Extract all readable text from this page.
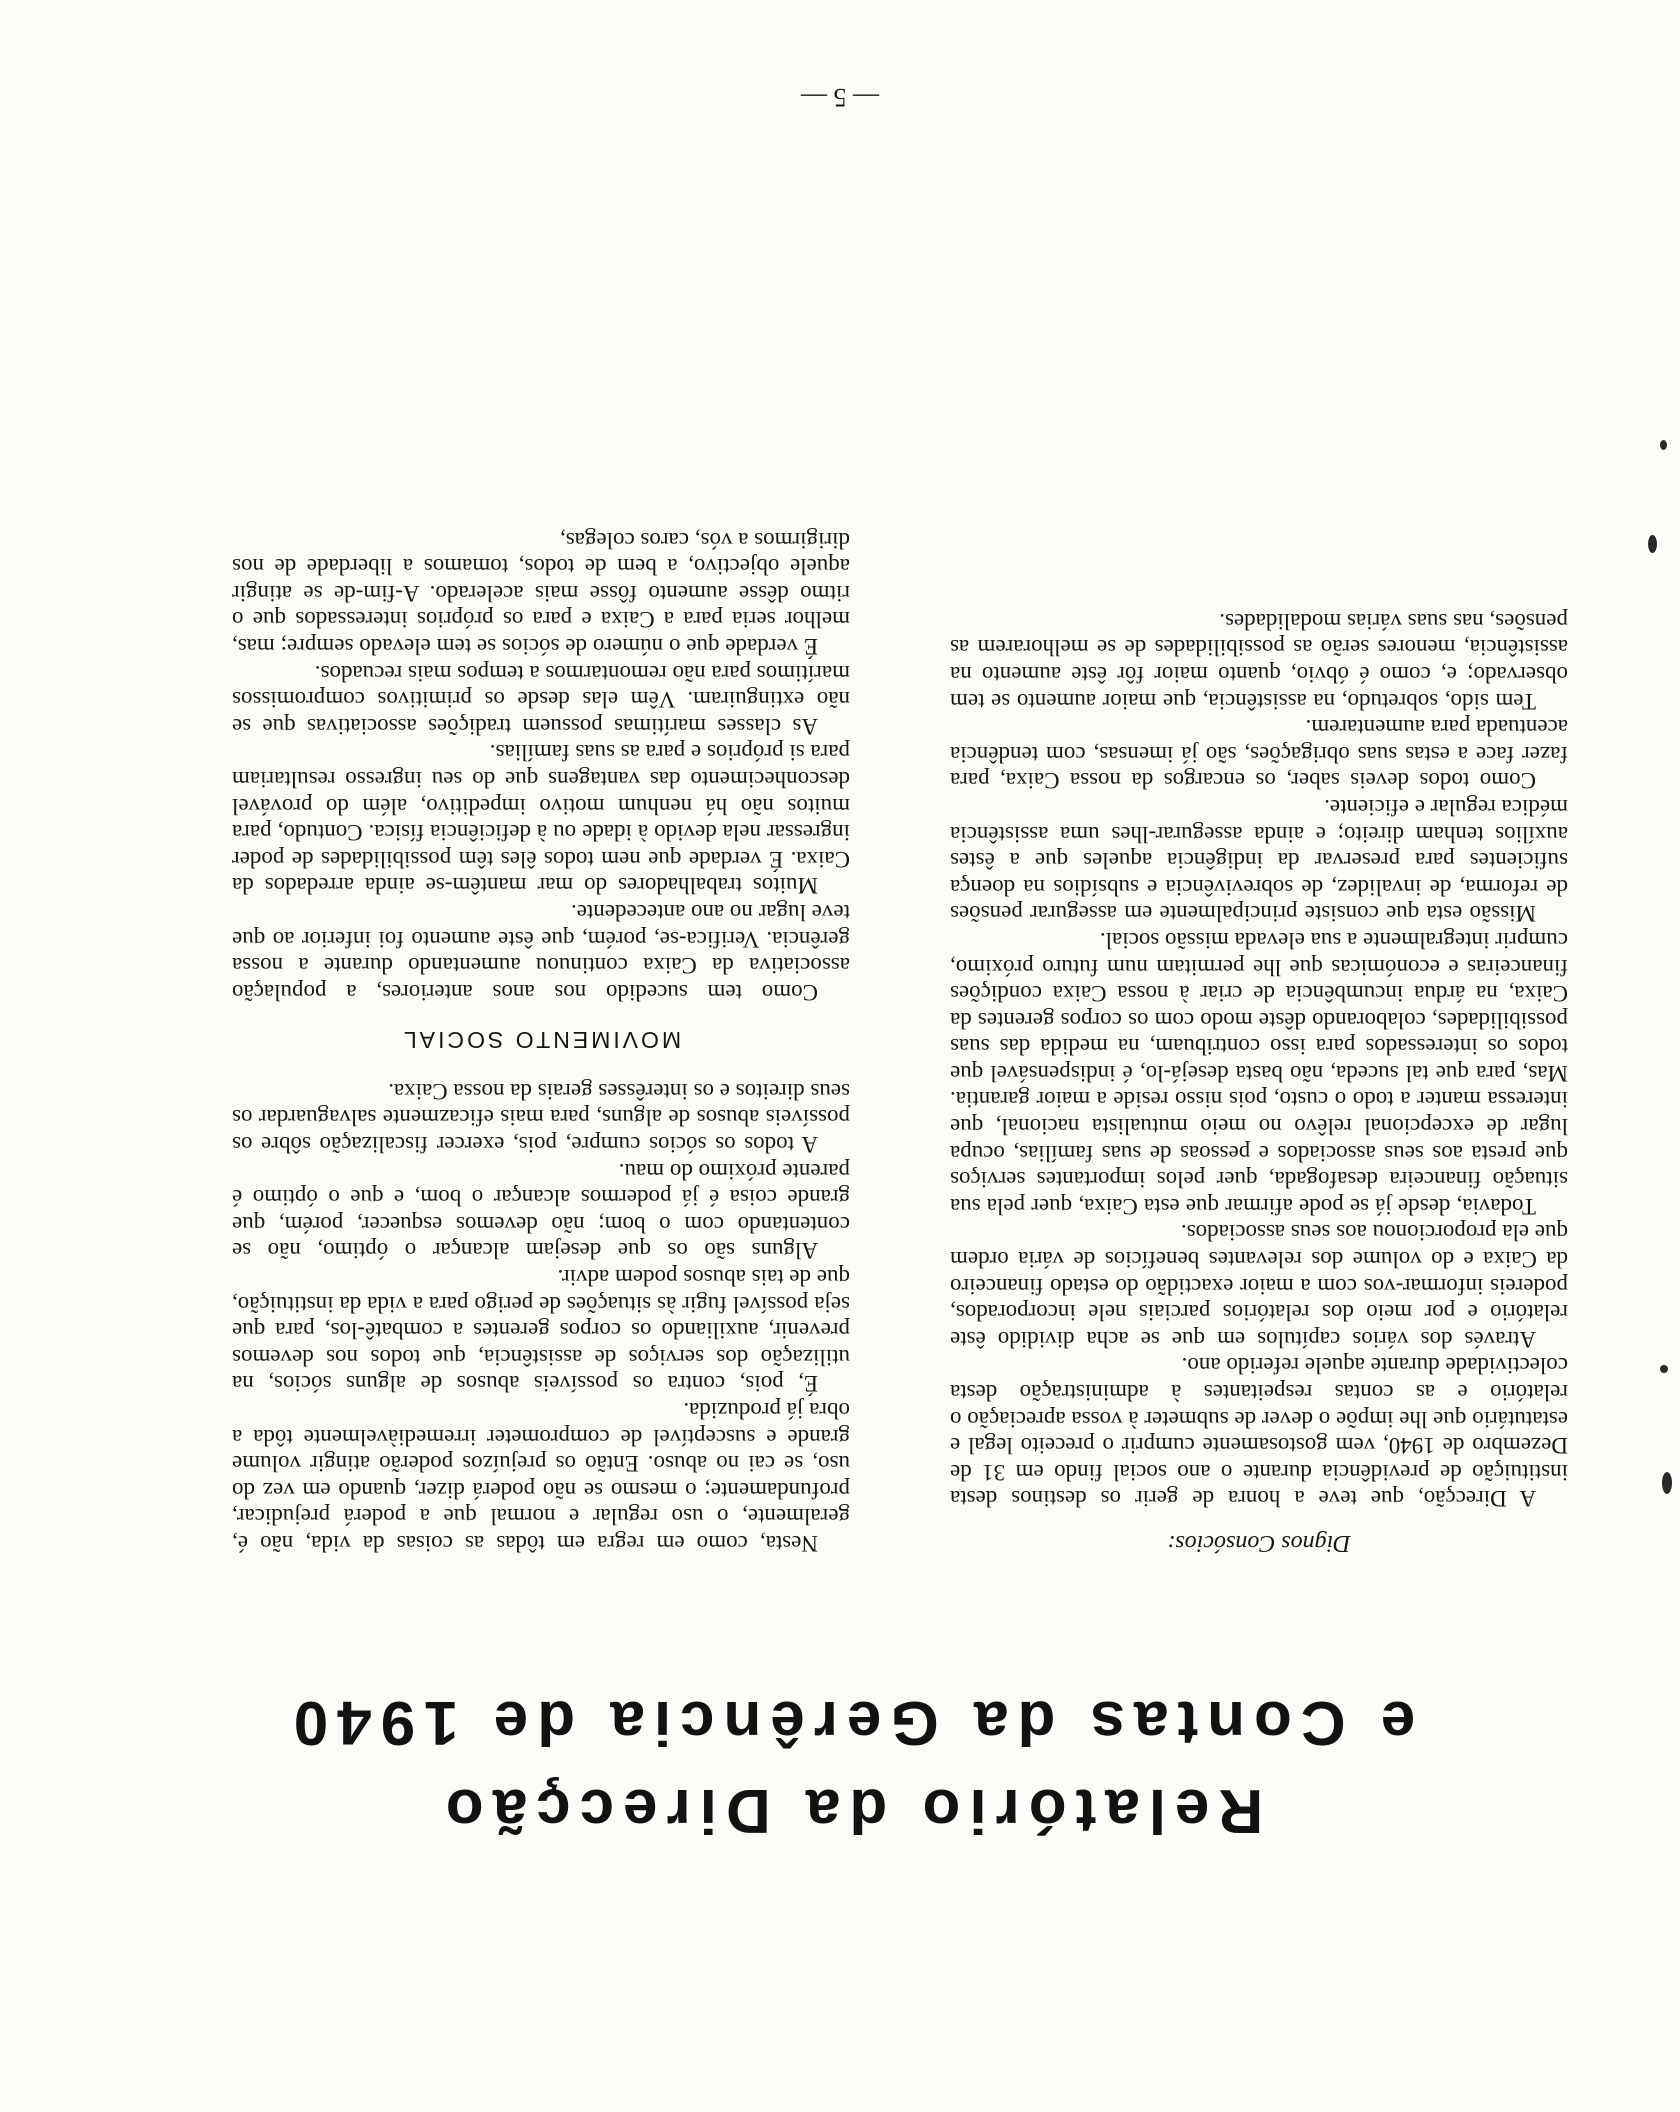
Relatório da Direcção
e Contas da Gerência de 1940

Dignos Consócios:

A Direcção, que teve a honra de gerir os destinos desta instituição de previdência durante o ano social findo em 31 de Dezembro de 1940, vem gostosamente cumprir o preceito legal e estatutário que lhe impõe o dever de submeter à vossa apreciação o relatório e as contas respeitantes à administração desta colectividade durante aquele referido ano.

Através dos vários capítulos em que se acha dividido êste relatório e por meio dos relatórios parciais nele incorporados, podereis informar-vos com a maior exactidão do estado financeiro da Caixa e do volume dos relevantes benefícios de vária ordem que ela proporcionou aos seus associados.

Todavia, desde já se pode afirmar que esta Caixa, quer pela sua situação financeira desafogada, quer pelos importantes serviços que presta aos seus associados e pessoas de suas famílias, ocupa lugar de excepcional relêvo no meio mutualista nacional, que interessa manter a todo o custo, pois nisso reside a maior garantia. Mas, para que tal suceda, não basta desejá-lo, é indispensável que todos os interessados para isso contribuam, na medida das suas possibilidades, colaborando dêste modo com os corpos gerentes da Caixa, na árdua incumbência de criar à nossa Caixa condições financeiras e económicas que lhe permitam num futuro próximo, cumprir integralmente a sua elevada missão social.

Missão esta que consiste principalmente em assegurar pensões de reforma, de invalidez, de sobrevivência e subsídios na doença suficientes para preservar da indigência aqueles que a êstes auxílios tenham direito; e ainda assegurar-lhes uma assistência médica regular e eficiente.

Como todos deveis saber, os encargos da nossa Caixa, para fazer face a estas suas obrigações, são já imensas, com tendência acentuada para aumentarem.

Tem sido, sobretudo, na assistência, que maior aumento se tem observado; e, como é óbvio, quanto maior fôr êste aumento na assistência, menores serão as possibilidades de se melhorarem as pensões, nas suas várias modalidades.

Nesta, como em regra em tôdas as coisas da vida, não é, geralmente, o uso regular e normal que a poderá prejudicar, profundamente; o mesmo se não poderá dizer, quando em vez do uso, se cai no abuso. Então os prejuízos poderão atingir volume grande e susceptível de comprometer irremediàvelmente tôda a obra já produzida.

É, pois, contra os possíveis abusos de alguns sócios, na utilização dos serviços de assistência, que todos nos devemos prevenir, auxiliando os corpos gerentes a combatê-los, para que seja possível fugir às situações de perigo para a vida da instituição, que de tais abusos podem advir.

Alguns são os que desejam alcançar o óptimo, não se contentando com o bom; não devemos esquecer, porém, que grande coisa é já podermos alcançar o bom, e que o óptimo é parente próximo do mau.

A todos os sócios cumpre, pois, exercer fiscalização sôbre os possíveis abusos de alguns, para mais eficazmente salvaguardar os seus direitos e os interêsses gerais da nossa Caixa.

MOVIMENTO SOCIAL

Como tem sucedido nos anos anteriores, a população associativa da Caixa continuou aumentando durante a nossa gerência. Verifica-se, porém, que êste aumento foi inferior ao que teve lugar no ano antecedente.

Muitos trabalhadores do mar mantêm-se ainda arredados da Caixa. É verdade que nem todos êles têm possibilidades de poder ingressar nela devido à idade ou à deficiência física. Contudo, para muitos não há nenhum motivo impeditivo, além do provável desconhecimento das vantagens que do seu ingresso resultariam para si próprios e para as suas famílias.

As classes marítimas possuem tradições associativas que se não extinguiram. Vêm elas desde os primitivos compromissos marítimos para não remontarmos a tempos mais recuados.

É verdade que o número de sócios se tem elevado sempre; mas, melhor seria para a Caixa e para os próprios interessados que o ritmo dêsse aumento fôsse mais acelerado. A-fim-de se atingir aquele objectivo, a bem de todos, tomamos a liberdade de nos dirigirmos a vós, caros colegas,

— 5 —
